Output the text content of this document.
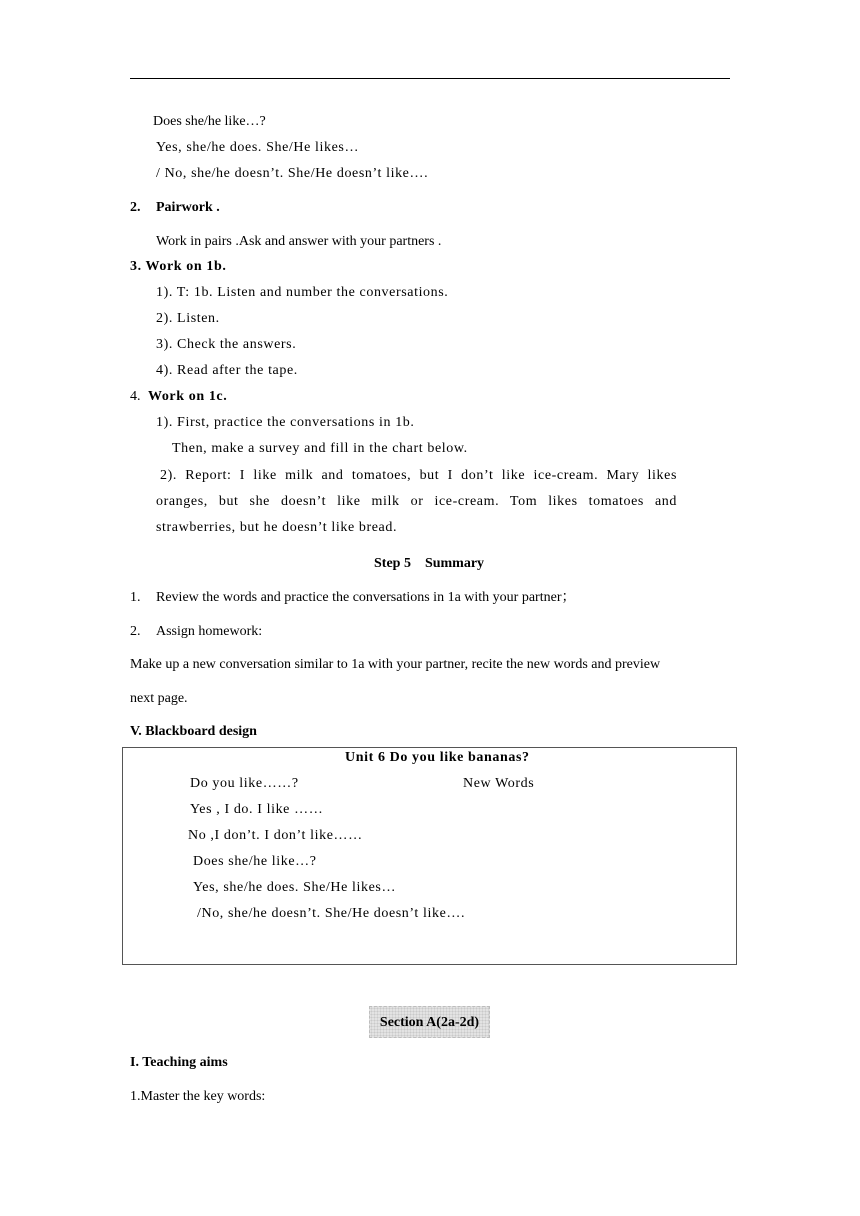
Does she/he like…?
Yes, she/he does. She/He likes…
/ No, she/he doesn’t. She/He doesn’t like….
2. Pairwork .
Work in pairs .Ask and answer with your partners .
3. Work on 1b.
1). T: 1b. Listen and number the conversations.
2). Listen.
3). Check the answers.
4). Read after the tape.
4. Work on 1c.
1). First, practice the conversations in 1b.
Then, make a survey and fill in the chart below.
2). Report: I like milk and tomatoes, but I don’t like ice-cream. Mary likes
oranges, but she doesn’t like milk or ice-cream. Tom likes tomatoes and
strawberries, but he doesn’t like bread.
Step 5    Summary
1. Review the words and practice the conversations in 1a with your partner；
2. Assign homework:
Make up a new conversation similar to 1a with your partner, recite the new words and preview
next page.
V. Blackboard design
Unit 6 Do you like bananas?
Do you like……?	New Words
Yes , I do. I like ……
No ,I don’t. I don’t like……
Does she/he like…?
Yes, she/he does. She/He likes…
/No, she/he doesn’t. She/He doesn’t like….
Section A(2a-2d)
I. Teaching aims
1.Master the key words:
